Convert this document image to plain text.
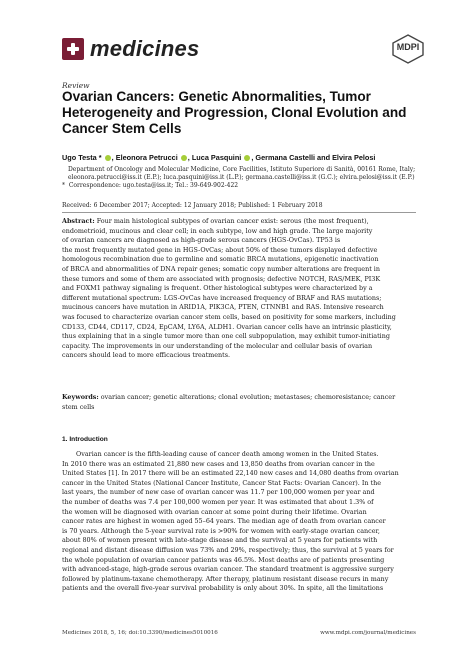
medicines	MDPI
Review
Ovarian Cancers: Genetic Abnormalities, Tumor
Heterogeneity and Progression, Clonal Evolution and
Cancer Stem Cells
Ugo Testa * , Eleonora Petrucci , Luca Pasquini , Germana Castelli and Elvira Pelosi
Department of Oncology and Molecular Medicine, Core Facilities, Istituto Superiore di Sanità, 00161 Rome, Italy;
eleonora.petrucci@iss.it (E.P.); luca.pasquini@iss.it (L.P.); germana.castelli@iss.it (G.C.); elvira.pelosi@iss.it (E.P.)
* Correspondence: ugo.testa@iss.it; Tel.: 39-649-902-422
Received: 6 December 2017; Accepted: 12 January 2018; Published: 1 February 2018
Abstract: Four main histological subtypes of ovarian cancer exist: serous (the most frequent),
endometrioid, mucinous and clear cell; in each subtype, low and high grade. The large majority
of ovarian cancers are diagnosed as high-grade serous cancers (HGS-OvCas). TP53 is
the most frequently mutated gene in HGS-OvCas; about 50% of these tumors displayed defective
homologous recombination due to germline and somatic BRCA mutations, epigenetic inactivation
of BRCA and abnormalities of DNA repair genes; somatic copy number alterations are frequent in
these tumors and some of them are associated with prognosis; defective NOTCH, RAS/MEK, PI3K
and FOXM1 pathway signaling is frequent. Other histological subtypes were characterized by a
different mutational spectrum: LGS-OvCas have increased frequency of BRAF and RAS mutations;
mucinous cancers have mutation in ARID1A, PIK3CA, PTEN, CTNNB1 and RAS. Intensive research
was focused to characterize ovarian cancer stem cells, based on positivity for some markers, including
CD133, CD44, CD117, CD24, EpCAM, LY6A, ALDH1. Ovarian cancer cells have an intrinsic plasticity,
thus explaining that in a single tumor more than one cell subpopulation, may exhibit tumor-initiating
capacity. The improvements in our understanding of the molecular and cellular basis of ovarian
cancers should lead to more efficacious treatments.
Keywords: ovarian cancer; genetic alterations; clonal evolution; metastases; chemoresistance; cancer
stem cells
1. Introduction
Ovarian cancer is the fifth-leading cause of cancer death among women in the United States.
In 2010 there was an estimated 21,880 new cases and 13,850 deaths from ovarian cancer in the
United States [1]. In 2017 there will be an estimated 22,140 new cases and 14,080 deaths from ovarian
cancer in the United States (National Cancer Institute, Cancer Stat Facts: Ovarian Cancer). In the
last years, the number of new case of ovarian cancer was 11.7 per 100,000 women per year and
the number of deaths was 7.4 per 100,000 women per year. It was estimated that about 1.3% of
the women will be diagnosed with ovarian cancer at some point during their lifetime. Ovarian
cancer rates are highest in women aged 55–64 years. The median age of death from ovarian cancer
is 70 years. Although the 5-year survival rate is >90% for women with early-stage ovarian cancer,
about 80% of women present with late-stage disease and the survival at 5 years for patients with
regional and distant disease diffusion was 73% and 29%, respectively; thus, the survival at 5 years for
the whole population of ovarian cancer patients was 46.5%. Most deaths are of patients presenting
with advanced-stage, high-grade serous ovarian cancer. The standard treatment is aggressive surgery
followed by platinum-taxane chemotherapy. After therapy, platinum resistant disease recurs in many
patients and the overall five-year survival probability is only about 30%. In spite, all the limitations
Medicines 2018, 5, 16; doi:10.3390/medicines5010016	www.mdpi.com/journal/medicines
